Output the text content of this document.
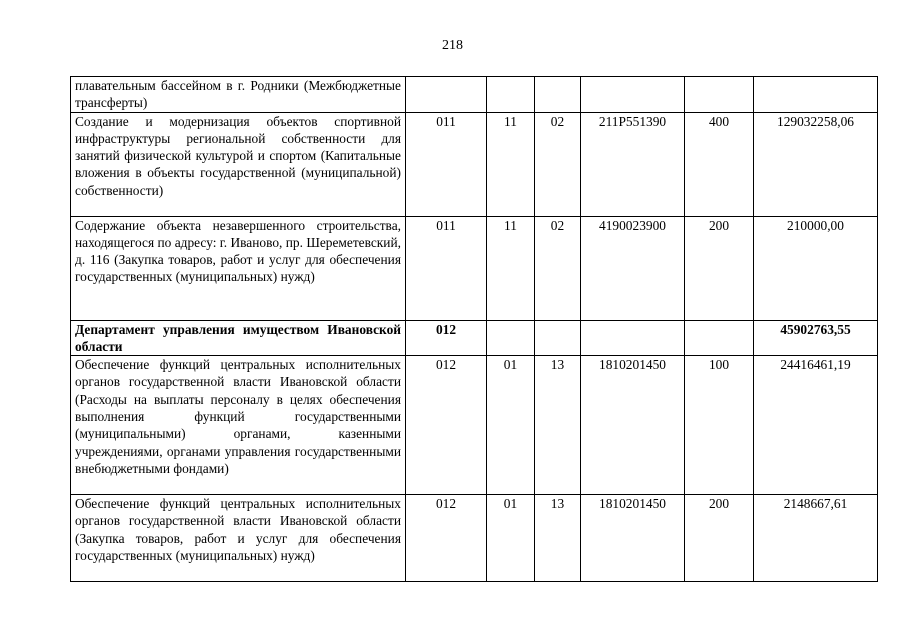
218
плавательным бассейном в г. Родники (Межбюджетные трансферты)						
Создание и модернизация объектов спортивной инфраструктуры региональной собственности для занятий физической культурой и спортом (Капитальные вложения в объекты государственной (муниципальной) собственности)	011	11	02	211P551390	400	129032258,06
Содержание объекта незавершенного строительства, находящегося по адресу: г. Иваново, пр. Шереметевский, д. 116 (Закупка товаров, работ и услуг для обеспечения государственных (муниципальных) нужд)	011	11	02	4190023900	200	210000,00
Департамент управления имуществом Ивановской области	012					45902763,55
Обеспечение функций центральных исполнительных органов государственной власти Ивановской области (Расходы на выплаты персоналу в целях обеспечения выполнения функций государственными (муниципальными) органами, казенными учреждениями, органами управления государственными внебюджетными фондами)	012	01	13	1810201450	100	24416461,19
Обеспечение функций центральных исполнительных органов государственной власти Ивановской области (Закупка товаров, работ и услуг для обеспечения государственных (муниципальных) нужд)	012	01	13	1810201450	200	2148667,61
